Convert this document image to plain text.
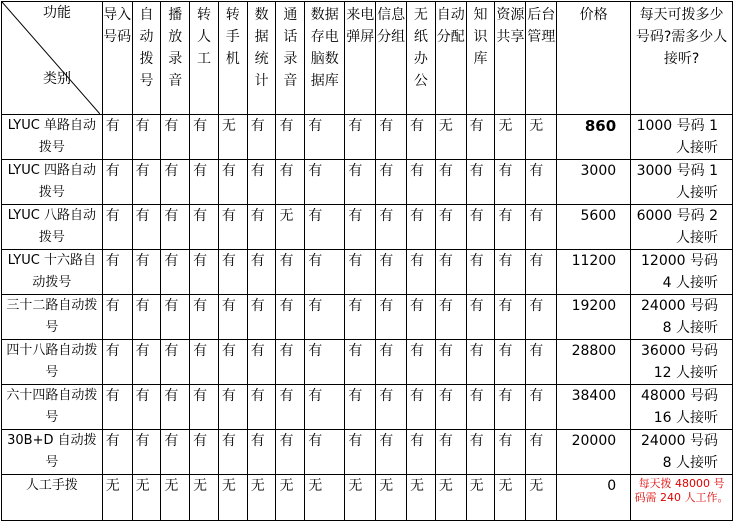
功能
类别	导入号码	自动拨号	播放录音	转人工	转手机	数据统计	通话录音	数据存电脑数据库	来电弹屏	信息分组	无纸办公	自动分配	知识库	资源共享	后台管理	价格	每天可拨多少号码?需多少人接听?
LYUC 单路自动拨号	有	有	有	有	无	有	有	有	有	有	有	无	有	无	无	860	1000 号码 1 人接听
LYUC 四路自动拨号	有	有	有	有	有	有	有	有	有	有	有	有	有	有	有	3000	3000 号码 1 人接听
LYUC 八路自动拨号	有	有	有	有	有	有	无	有	有	有	有	有	有	有	有	5600	6000 号码 2 人接听
LYUC 十六路自动拨号	有	有	有	有	有	有	有	有	有	有	有	有	有	有	有	11200	12000 号码 4 人接听
三十二路自动拨号	有	有	有	有	有	有	有	有	有	有	有	有	有	有	有	19200	24000 号码 8 人接听
四十八路自动拨号	有	有	有	有	有	有	有	有	有	有	有	有	有	有	有	28800	36000 号码 12 人接听
六十四路自动拨号	有	有	有	有	有	有	有	有	有	有	有	有	有	有	有	38400	48000 号码 16 人接听
30B+D 自动拨号	有	有	有	有	有	有	有	有	有	有	有	有	有	有	有	20000	24000 号码 8 人接听
人工手拨	无	无	无	无	无	无	无	无	无	无	无	无	无	无	无	0	每天拨 48000 号码需 240 人工作。
